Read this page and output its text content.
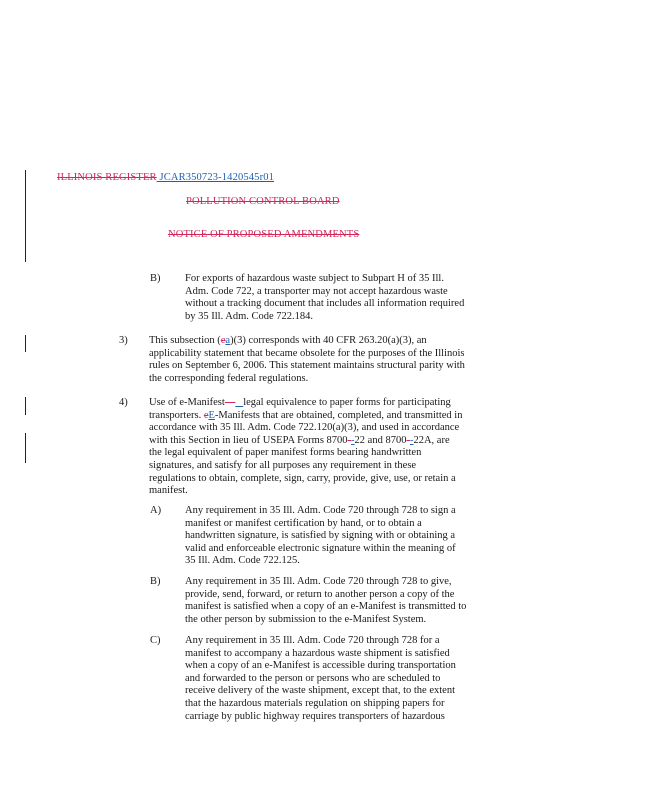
ILLINOIS REGISTER JCAR350723-1420545r01
POLLUTION CONTROL BOARD
NOTICE OF PROPOSED AMENDMENTS
B) For exports of hazardous waste subject to Subpart H of 35 Ill. Adm. Code 722, a transporter may not accept hazardous waste without a tracking document that includes all information required by 35 Ill. Adm. Code 722.184.

3) This subsection (ea)(3) corresponds with 40 CFR 263.20(a)(3), an applicability statement that became obsolete for the purposes of the Illinois rules on September 6, 2006. This statement maintains structural parity with the corresponding federal regulations.

4) Use of e-Manifest— legal equivalence to paper forms for participating transporters. eE-Manifests that are obtained, completed, and transmitted in accordance with 35 Ill. Adm. Code 722.120(a)(3), and used in accordance with this Section in lieu of USEPA Forms 8700--22 and 8700--22A, are the legal equivalent of paper manifest forms bearing handwritten signatures, and satisfy for all purposes any requirement in these regulations to obtain, complete, sign, carry, provide, give, use, or retain a manifest.

A) Any requirement in 35 Ill. Adm. Code 720 through 728 to sign a manifest or manifest certification by hand, or to obtain a handwritten signature, is satisfied by signing with or obtaining a valid and enforceable electronic signature within the meaning of 35 Ill. Adm. Code 722.125.

B) Any requirement in 35 Ill. Adm. Code 720 through 728 to give, provide, send, forward, or return to another person a copy of the manifest is satisfied when a copy of an e-Manifest is transmitted to the other person by submission to the e-Manifest System.

C) Any requirement in 35 Ill. Adm. Code 720 through 728 for a manifest to accompany a hazardous waste shipment is satisfied when a copy of an e-Manifest is accessible during transportation and forwarded to the person or persons who are scheduled to receive delivery of the waste shipment, except that, to the extent that the hazardous materials regulation on shipping papers for carriage by public highway requires transporters of hazardous
